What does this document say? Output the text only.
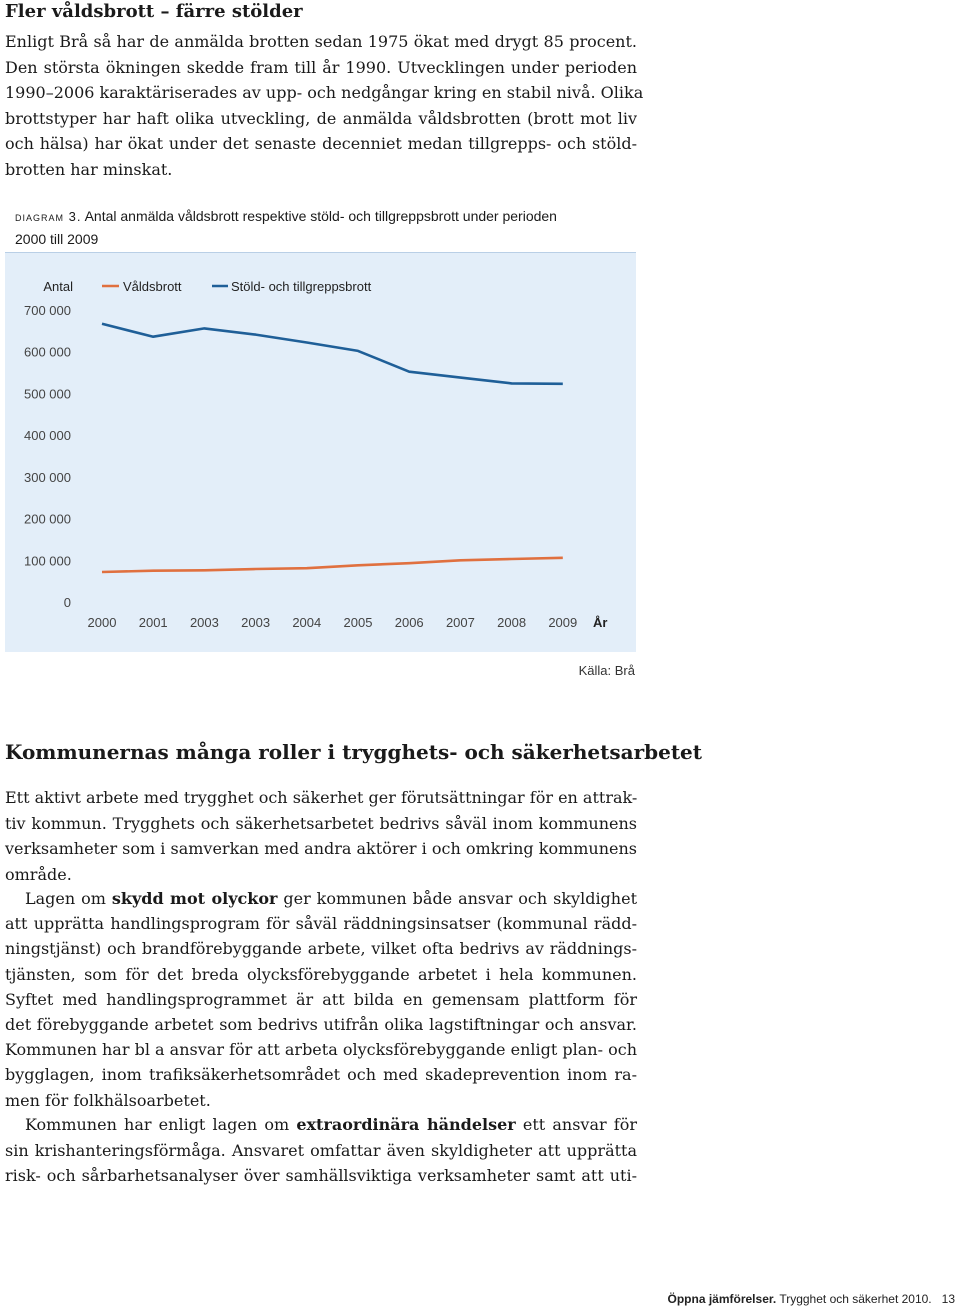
Fler våldsbrott – färre stölder
Enligt Brå så har de anmälda brotten sedan 1975 ökat med drygt 85 procent.
Den största ökningen skedde fram till år 1990. Utvecklingen under perioden
1990–2006 karaktäriserades av upp- och nedgångar kring en stabil nivå. Olika
brottstyper har haft olika utveckling, de anmälda våldsbrotten (brott mot liv
och hälsa) har ökat under det senaste decenniet medan tillgrepps- och stöld-
brotten har minskat.
diagram 3. Antal anmälda våldsbrott respektive stöld- och tillgreppsbrott under perioden
2000 till 2009
Antal	Våldsbrott	Stöld- och tillgreppsbrott
700 000
600 000
500 000
400 000
300 000
200 000
100 000
0
2000 2001 2003 2003 2004 2005 2006 2007 2008 2009 År
Källa: Brå
Kommunernas många roller i trygghets- och säkerhetsarbetet
Ett aktivt arbete med trygghet och säkerhet ger förutsättningar för en attrak-
tiv kommun. Trygghets och säkerhetsarbetet bedrivs såväl inom kommunens
verksamheter som i samverkan med andra aktörer i och omkring kommunens
område.
Lagen om skydd mot olyckor ger kommunen både ansvar och skyldighet
att upprätta handlingsprogram för såväl räddningsinsatser (kommunal rädd-
ningstjänst) och brandförebyggande arbete, vilket ofta bedrivs av räddnings-
tjänsten, som för det breda olycksförebyggande arbetet i hela kommunen.
Syftet med handlingsprogrammet är att bilda en gemensam plattform för
det förebyggande arbetet som bedrivs utifrån olika lagstiftningar och ansvar.
Kommunen har bl a ansvar för att arbeta olycksförebyggande enligt plan- och
bygglagen, inom trafiksäkerhetsområdet och med skadeprevention inom ra-
men för folkhälsoarbetet.
Kommunen har enligt lagen om extraordinära händelser ett ansvar för
sin krishanteringsförmåga. Ansvaret omfattar även skyldigheter att upprätta
risk- och sårbarhetsanalyser över samhällsviktiga verksamheter samt att uti-
Öppna jämförelser. Trygghet och säkerhet 2010. 13
